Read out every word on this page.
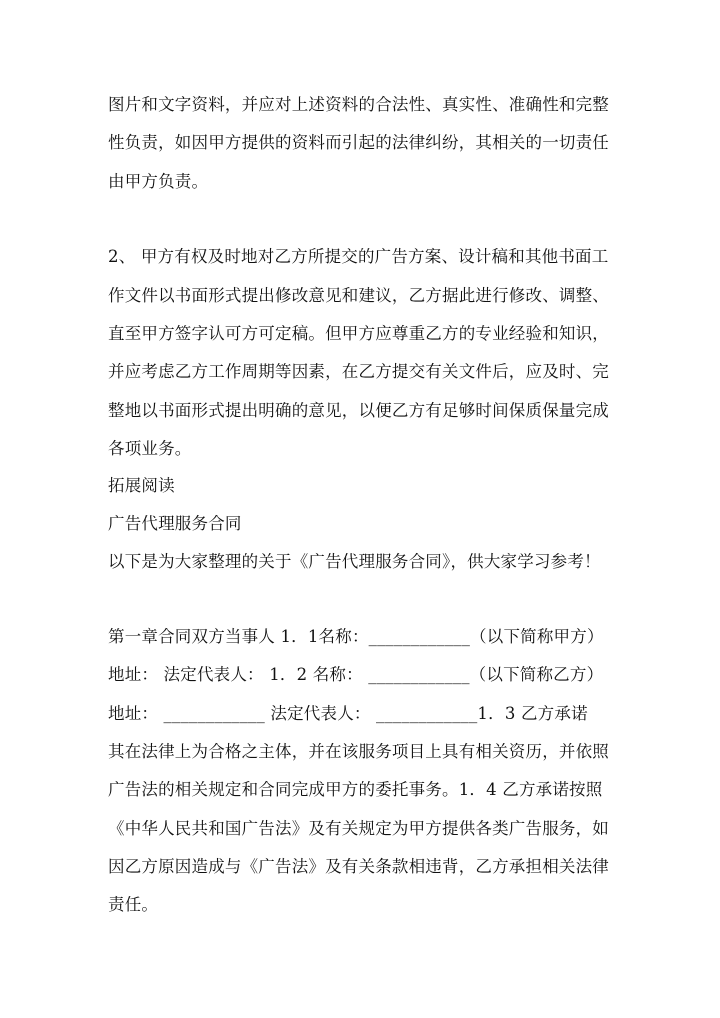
图片和文字资料，并应对上述资料的合法性、真实性、准确性和完整
性负责，如因甲方提供的资料而引起的法律纠纷，其相关的一切责任
由甲方负责。
2、 甲方有权及时地对乙方所提交的广告方案、设计稿和其他书面工
作文件以书面形式提出修改意见和建议，乙方据此进行修改、调整、
直至甲方签字认可方可定稿。但甲方应尊重乙方的专业经验和知识，
并应考虑乙方工作周期等因素，在乙方提交有关文件后，应及时、完
整地以书面形式提出明确的意见，以便乙方有足够时间保质保量完成
各项业务。
拓展阅读
广告代理服务合同
以下是为大家整理的关于《广告代理服务合同》，供大家学习参考！
第一章合同双方当事人 1．1名称：____________（以下简称甲方）
地址： 法定代表人： 1．2 名称： ____________（以下简称乙方）
地址： ____________ 法定代表人： ____________1．3 乙方承诺
其在法律上为合格之主体，并在该服务项目上具有相关资历，并依照
广告法的相关规定和合同完成甲方的委托事务。1．4 乙方承诺按照
《中华人民共和国广告法》及有关规定为甲方提供各类广告服务，如
因乙方原因造成与《广告法》及有关条款相违背，乙方承担相关法律
责任。
